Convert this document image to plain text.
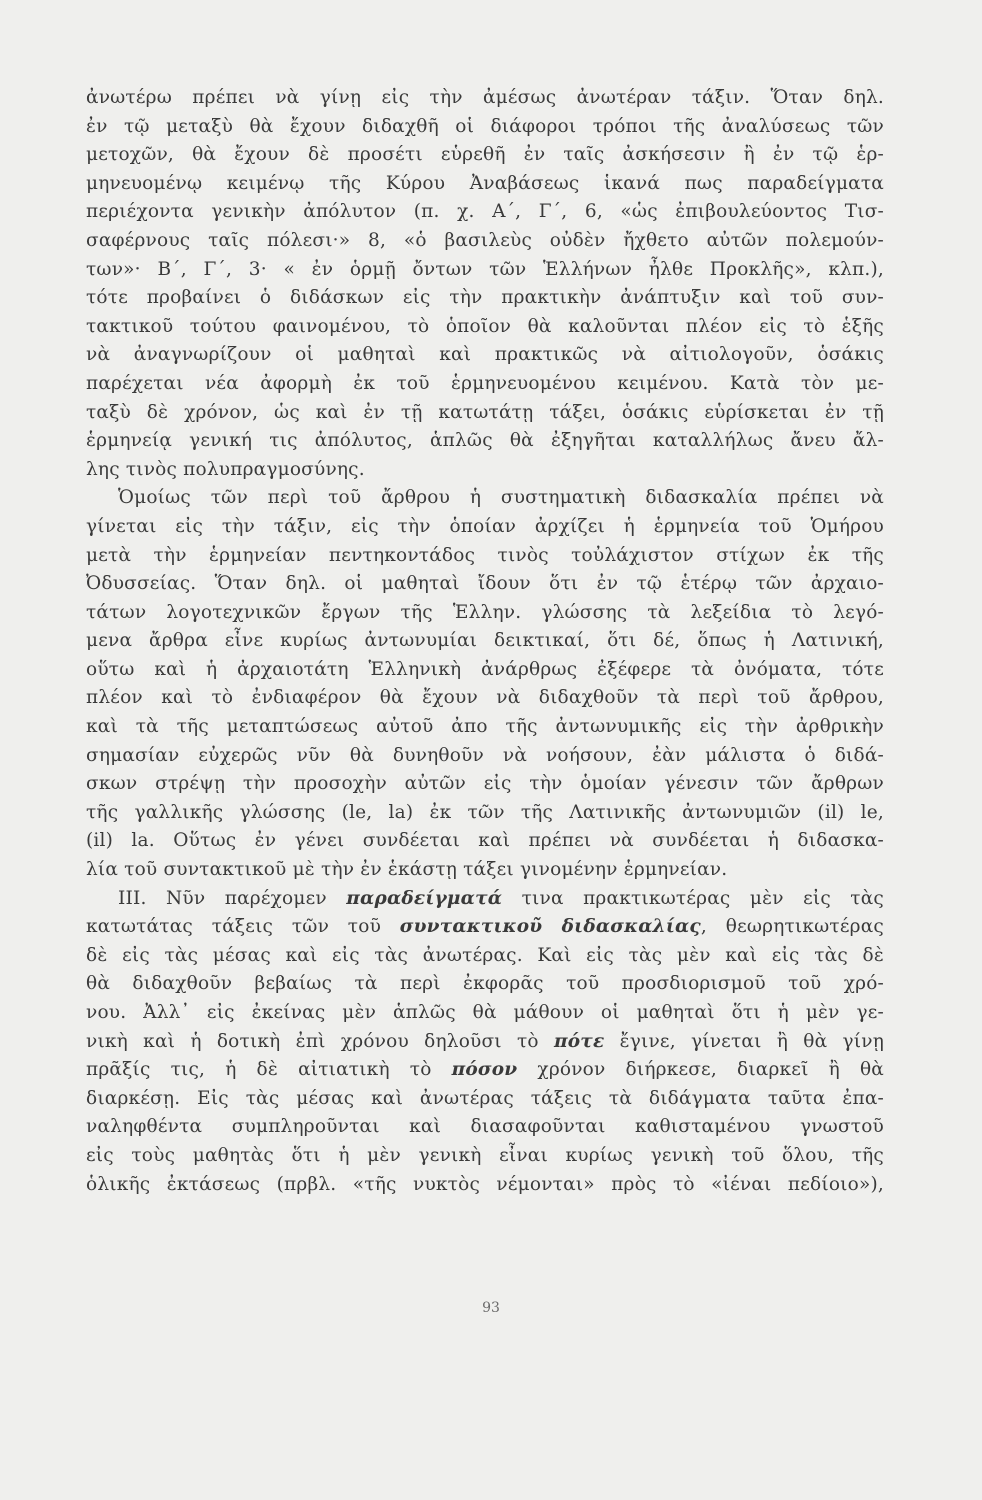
ἀνωτέρω πρέπει νὰ γίνῃ εἰς τὴν ἀμέσως ἀνωτέραν τάξιν. Ὅταν δηλ.
ἐν τῷ μεταξὺ θὰ ἔχουν διδαχθῆ οἱ διάφοροι τρόποι τῆς ἀναλύσεως τῶν
μετοχῶν, θὰ ἔχουν δὲ προσέτι εὑρεθῆ ἐν ταῖς ἀσκήσεσιν ἢ ἐν τῷ ἑρ-
μηνευομένῳ κειμένῳ τῆς Κύρου Ἀναβάσεως ἱκανά πως παραδείγματα
περιέχοντα γενικὴν ἀπόλυτον (π. χ. Α΄, Γ΄, 6, «ὡς ἐπιβουλεύοντος Τισ-
σαφέρνους ταῖς πόλεσι·» 8, «ὁ βασιλεὺς οὐδὲν ἤχθετο αὐτῶν πολεμούν-
των»· Β΄, Γ΄, 3· « ἐν ὁρμῇ ὄντων τῶν Ἑλλήνων ἦλθε Προκλῆς», κλπ.),
τότε προβαίνει ὁ διδάσκων εἰς τὴν πρακτικὴν ἀνάπτυξιν καὶ τοῦ συν-
τακτικοῦ τούτου φαινομένου, τὸ ὁποῖον θὰ καλοῦνται πλέον εἰς τὸ ἑξῆς
νὰ ἀναγνωρίζουν οἱ μαθηταὶ καὶ πρακτικῶς νὰ αἰτιολογοῦν, ὁσάκις
παρέχεται νέα ἀφορμὴ ἐκ τοῦ ἑρμηνευομένου κειμένου. Κατὰ τὸν με-
ταξὺ δὲ χρόνον, ὡς καὶ ἐν τῇ κατωτάτῃ τάξει, ὁσάκις εὑρίσκεται ἐν τῇ
ἑρμηνείᾳ γενική τις ἀπόλυτος, ἁπλῶς θὰ ἐξηγῆται καταλλήλως ἄνευ ἄλ-
λης τινὸς πολυπραγμοσύνης.
Ὁμοίως τῶν περὶ τοῦ ἄρθρου ἡ συστηματικὴ διδασκαλία πρέπει νὰ
γίνεται εἰς τὴν τάξιν, εἰς τὴν ὁποίαν ἀρχίζει ἡ ἑρμηνεία τοῦ Ὁμήρου
μετὰ τὴν ἑρμηνείαν πεντηκοντάδος τινὸς τοὐλάχιστον στίχων ἐκ τῆς
Ὀδυσσείας. Ὅταν δηλ. οἱ μαθηταὶ ἴδουν ὅτι ἐν τῷ ἑτέρῳ τῶν ἀρχαιο-
τάτων λογοτεχνικῶν ἔργων τῆς Ἑλλην. γλώσσης τὰ λεξείδια τὸ λεγό-
μενα ἄρθρα εἶνε κυρίως ἀντωνυμίαι δεικτικαί, ὅτι δέ, ὅπως ἡ Λατινική,
οὕτω καὶ ἡ ἀρχαιοτάτη Ἑλληνικὴ ἀνάρθρως ἐξέφερε τὰ ὀνόματα, τότε
πλέον καὶ τὸ ἐνδιαφέρον θὰ ἔχουν νὰ διδαχθοῦν τὰ περὶ τοῦ ἄρθρου,
καὶ τὰ τῆς μεταπτώσεως αὐτοῦ ἀπο τῆς ἀντωνυμικῆς εἰς τὴν ἀρθρικὴν
σημασίαν εὐχερῶς νῦν θὰ δυνηθοῦν νὰ νοήσουν, ἐὰν μάλιστα ὁ διδά-
σκων στρέψῃ τὴν προσοχὴν αὐτῶν εἰς τὴν ὁμοίαν γένεσιν τῶν ἄρθρων
τῆς γαλλικῆς γλώσσης (le, la) ἐκ τῶν τῆς Λατινικῆς ἀντωνυμιῶν (il) le,
(il) la. Οὕτως ἐν γένει συνδέεται καὶ πρέπει νὰ συνδέεται ἡ διδασκα-
λία τοῦ συντακτικοῦ μὲ τὴν ἐν ἑκάστῃ τάξει γινομένην ἑρμηνείαν.
ΙΙΙ. Νῦν παρέχομεν παραδείγματά τινα πρακτικωτέρας μὲν εἰς τὰς
κατωτάτας τάξεις τῶν τοῦ συντακτικοῦ διδασκαλίας, θεωρητικωτέρας
δὲ εἰς τὰς μέσας καὶ εἰς τὰς ἀνωτέρας. Καὶ εἰς τὰς μὲν καὶ εἰς τὰς δὲ
θὰ διδαχθοῦν βεβαίως τὰ περὶ ἐκφορᾶς τοῦ προσδιορισμοῦ τοῦ χρό-
νου. Ἀλλ᾽ εἰς ἐκείνας μὲν ἁπλῶς θὰ μάθουν οἱ μαθηταὶ ὅτι ἡ μὲν γε-
νικὴ καὶ ἡ δοτικὴ ἐπὶ χρόνου δηλοῦσι τὸ πότε ἔγινε, γίνεται ἢ θὰ γίνῃ
πρᾶξίς τις, ἡ δὲ αἰτιατικὴ τὸ πόσον χρόνον διήρκεσε, διαρκεῖ ἢ θὰ
διαρκέσῃ. Εἰς τὰς μέσας καὶ ἀνωτέρας τάξεις τὰ διδάγματα ταῦτα ἐπα-
ναληφθέντα συμπληροῦνται καὶ διασαφοῦνται καθισταμένου γνωστοῦ
εἰς τοὺς μαθητὰς ὅτι ἡ μὲν γενικὴ εἶναι κυρίως γενικὴ τοῦ ὅλου, τῆς
ὁλικῆς ἐκτάσεως (πρβλ. «τῆς νυκτὸς νέμονται» πρὸς τὸ «ἰέναι πεδίοιο»),
93
